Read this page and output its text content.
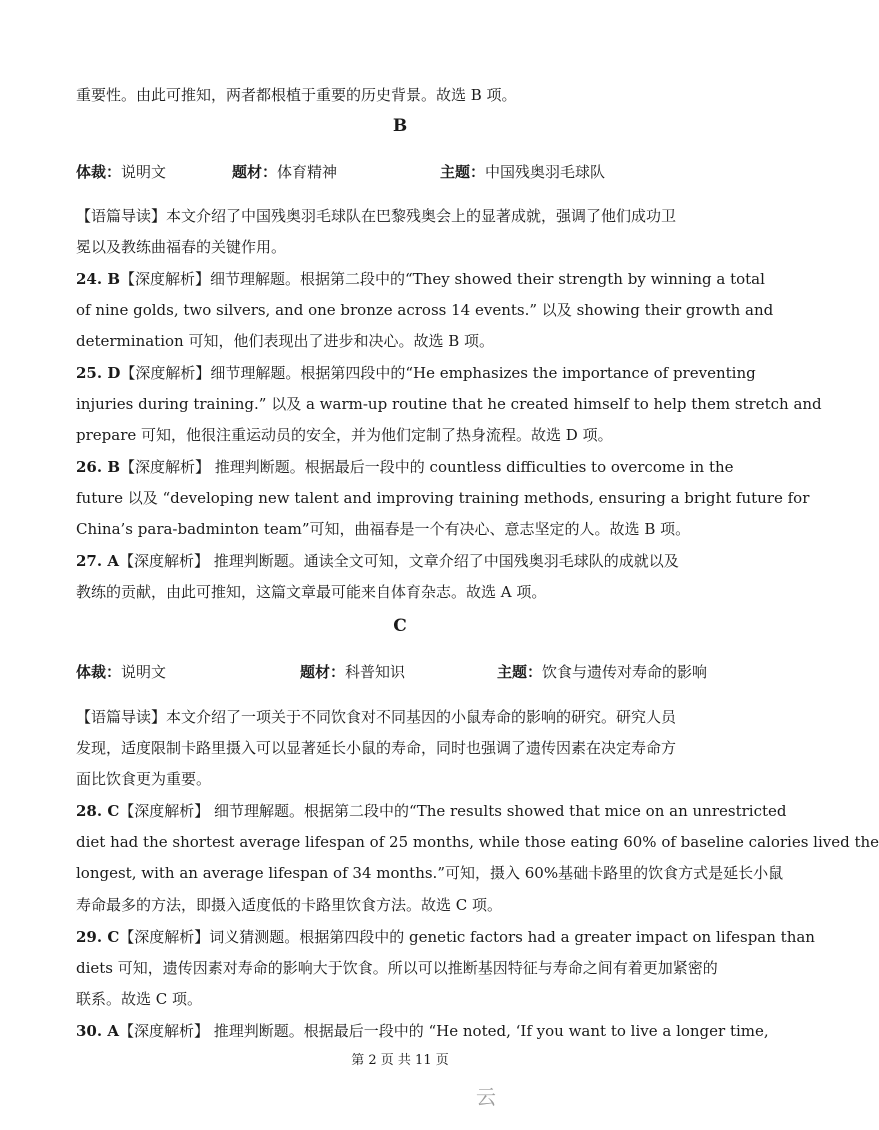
重要性。由此可推知，两者都根植于重要的历史背景。故选 B 项。
B
体裁： 说明文	题材： 体育精神	主题： 中国残奥羽毛球队
【语篇导读】本文介绍了中国残奥羽毛球队在巴黎残奥会上的显著成就，强调了他们成功卫
冕以及教练曲福春的关键作用。
24. B【深度解析】细节理解题。根据第二段中的“They showed their strength by winning a total
of nine golds, two silvers, and one bronze across 14 events.” 以及 showing their growth and
determination 可知，他们表现出了进步和决心。故选 B 项。
25. D【深度解析】细节理解题。根据第四段中的“He emphasizes the importance of preventing
injuries during training.” 以及 a warm-up routine that he created himself to help them stretch and
prepare 可知，他很注重运动员的安全，并为他们定制了热身流程。故选 D 项。
26. B【深度解析】 推理判断题。根据最后一段中的 countless difficulties to overcome in the
future 以及 “developing new talent and improving training methods, ensuring a bright future for
China’s para-badminton team”可知，曲福春是一个有决心、意志坚定的人。故选 B 项。
27. A【深度解析】 推理判断题。通读全文可知，文章介绍了中国残奥羽毛球队的成就以及
教练的贡献，由此可推知，这篇文章最可能来自体育杂志。故选 A 项。
C
体裁： 说明文	题材： 科普知识	主题： 饮食与遗传对寿命的影响
【语篇导读】本文介绍了一项关于不同饮食对不同基因的小鼠寿命的影响的研究。研究人员
发现，适度限制卡路里摄入可以显著延长小鼠的寿命，同时也强调了遗传因素在决定寿命方
面比饮食更为重要。
28. C【深度解析】 细节理解题。根据第二段中的“The results showed that mice on an unrestricted
diet had the shortest average lifespan of 25 months, while those eating 60% of baseline calories lived the
longest, with an average lifespan of 34 months.”可知，摄入 60%基础卡路里的饮食方式是延长小鼠
寿命最多的方法，即摄入适度低的卡路里饮食方法。故选 C 项。
29. C【深度解析】词义猜测题。根据第四段中的 genetic factors had a greater impact on lifespan than
diets 可知，遗传因素对寿命的影响大于饮食。所以可以推断基因特征与寿命之间有着更加紧密的
联系。故选 C 项。
30. A【深度解析】 推理判断题。根据最后一段中的 “He noted, ‘If you want to live a longer time,
第 2 页 共 11 页
云
